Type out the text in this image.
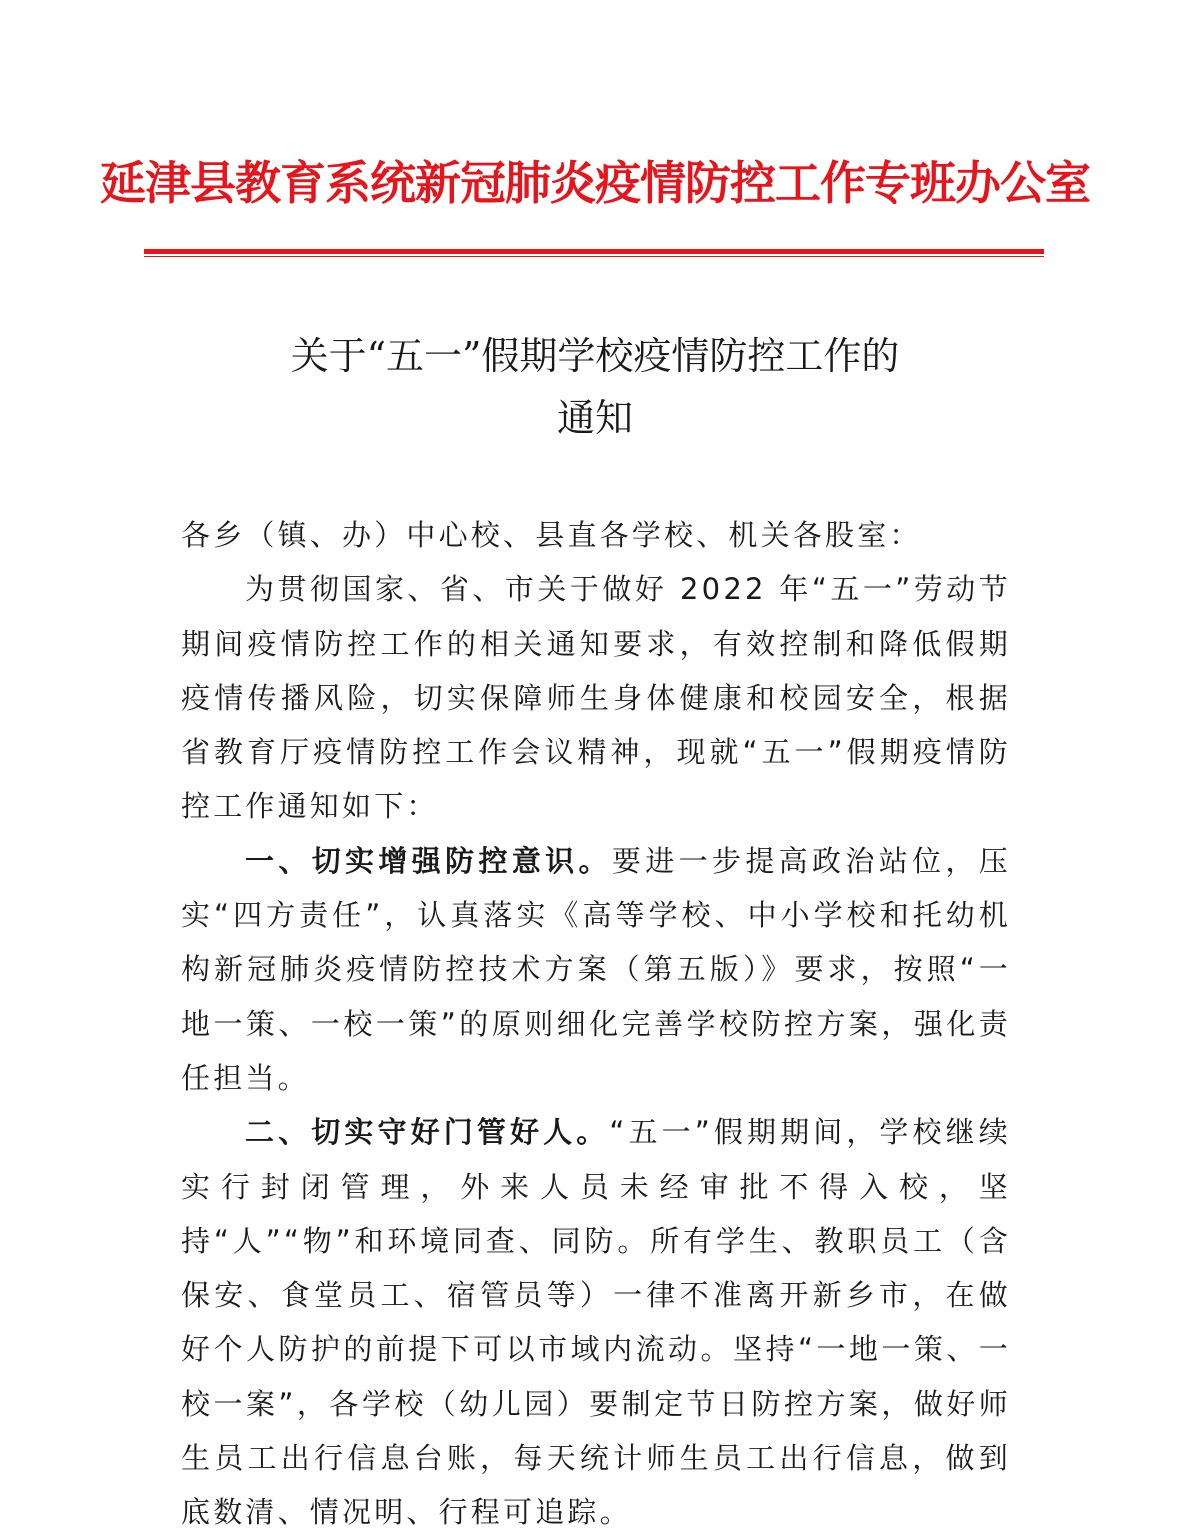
延津县教育系统新冠肺炎疫情防控工作专班办公室
关于“五一”假期学校疫情防控工作的
通知

各乡（镇、办）中心校、县直各学校、机关各股室：

为贯彻国家、省、市关于做好 2022 年“五一”劳动节期间疫情防控工作的相关通知要求，有效控制和降低假期疫情传播风险，切实保障师生身体健康和校园安全，根据省教育厅疫情防控工作会议精神，现就“五一”假期疫情防控工作通知如下：

一、切实增强防控意识。要进一步提高政治站位，压实“四方责任”，认真落实《高等学校、中小学校和托幼机构新冠肺炎疫情防控技术方案（第五版）》要求，按照“一地一策、一校一策”的原则细化完善学校防控方案，强化责任担当。

二、切实守好门管好人。“五一”假期期间，学校继续实行封闭管理，外来人员未经审批不得入校，坚持“人”“物”和环境同查、同防。所有学生、教职员工（含保安、食堂员工、宿管员等）一律不准离开新乡市，在做好个人防护的前提下可以市域内流动。坚持“一地一策、一校一案”，各学校（幼儿园）要制定节日防控方案，做好师生员工出行信息台账，每天统计师生员工出行信息，做到底数清、情况明、行程可追踪。
